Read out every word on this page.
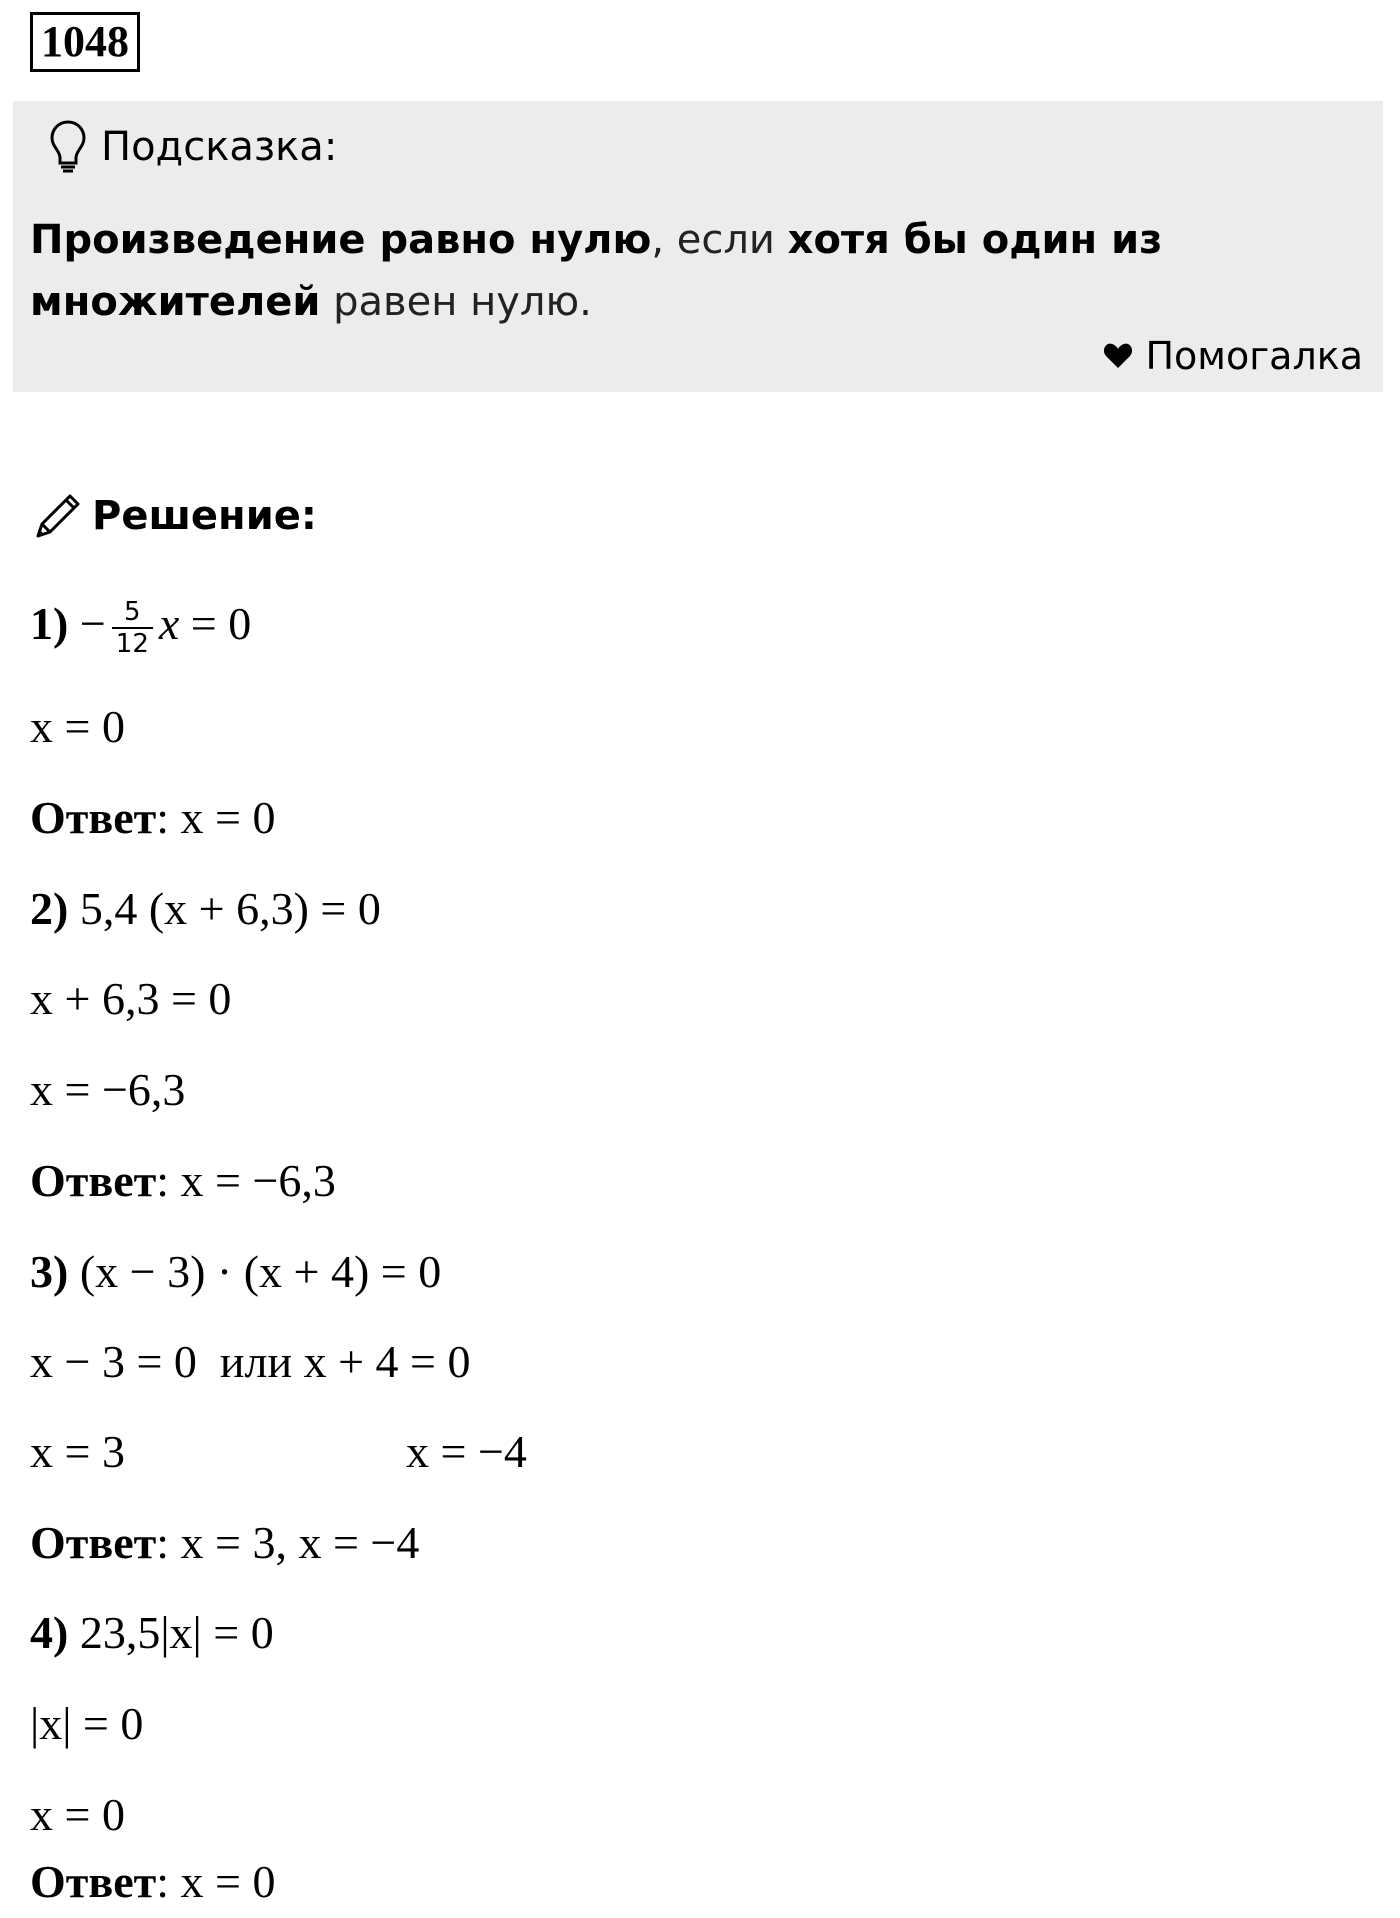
1048
Подсказка:
Произведение равно нулю, если хотя бы один из
множителей равен нулю.
Помогалка
Решение:
$1) - \frac{5}{12}$ x = 0
x = 0
Ответ: x = 0
2) 5,4 (x + 6,3) = 0
x + 6,3 = 0
x = −6,3
Ответ: x = −6,3
3) (x − 3) · (x + 4) = 0
x − 3 = 0  или x + 4 = 0
x = 3	x = −4
Ответ: x = 3, x = −4
4) 23,5|x| = 0
|x| = 0
x = 0
Ответ: x = 0
